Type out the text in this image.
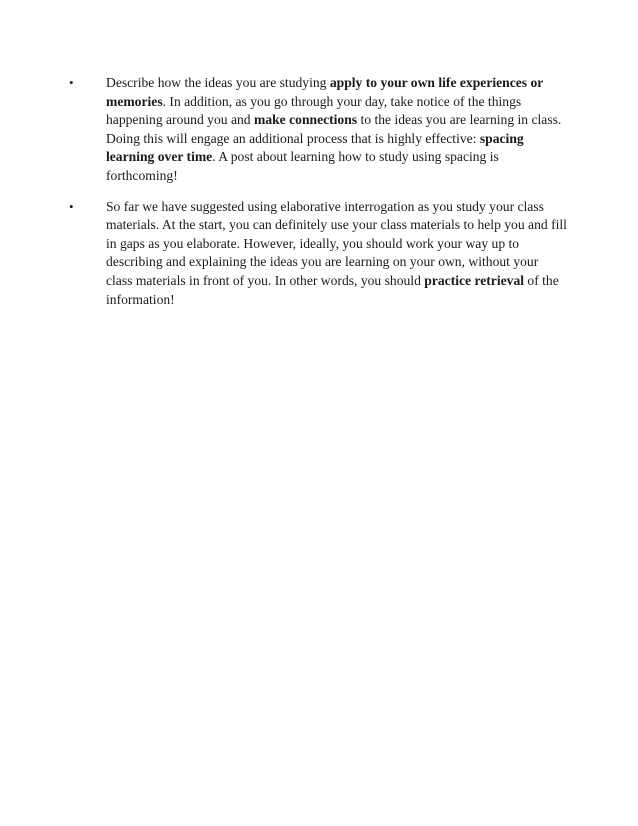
• Describe how the ideas you are studying apply to your own life experiences or memories. In addition, as you go through your day, take notice of the things happening around you and make connections to the ideas you are learning in class. Doing this will engage an additional process that is highly effective: spacing learning over time. A post about learning how to study using spacing is forthcoming!
• So far we have suggested using elaborative interrogation as you study your class materials. At the start, you can definitely use your class materials to help you and fill in gaps as you elaborate. However, ideally, you should work your way up to describing and explaining the ideas you are learning on your own, without your class materials in front of you. In other words, you should practice retrieval of the information!
